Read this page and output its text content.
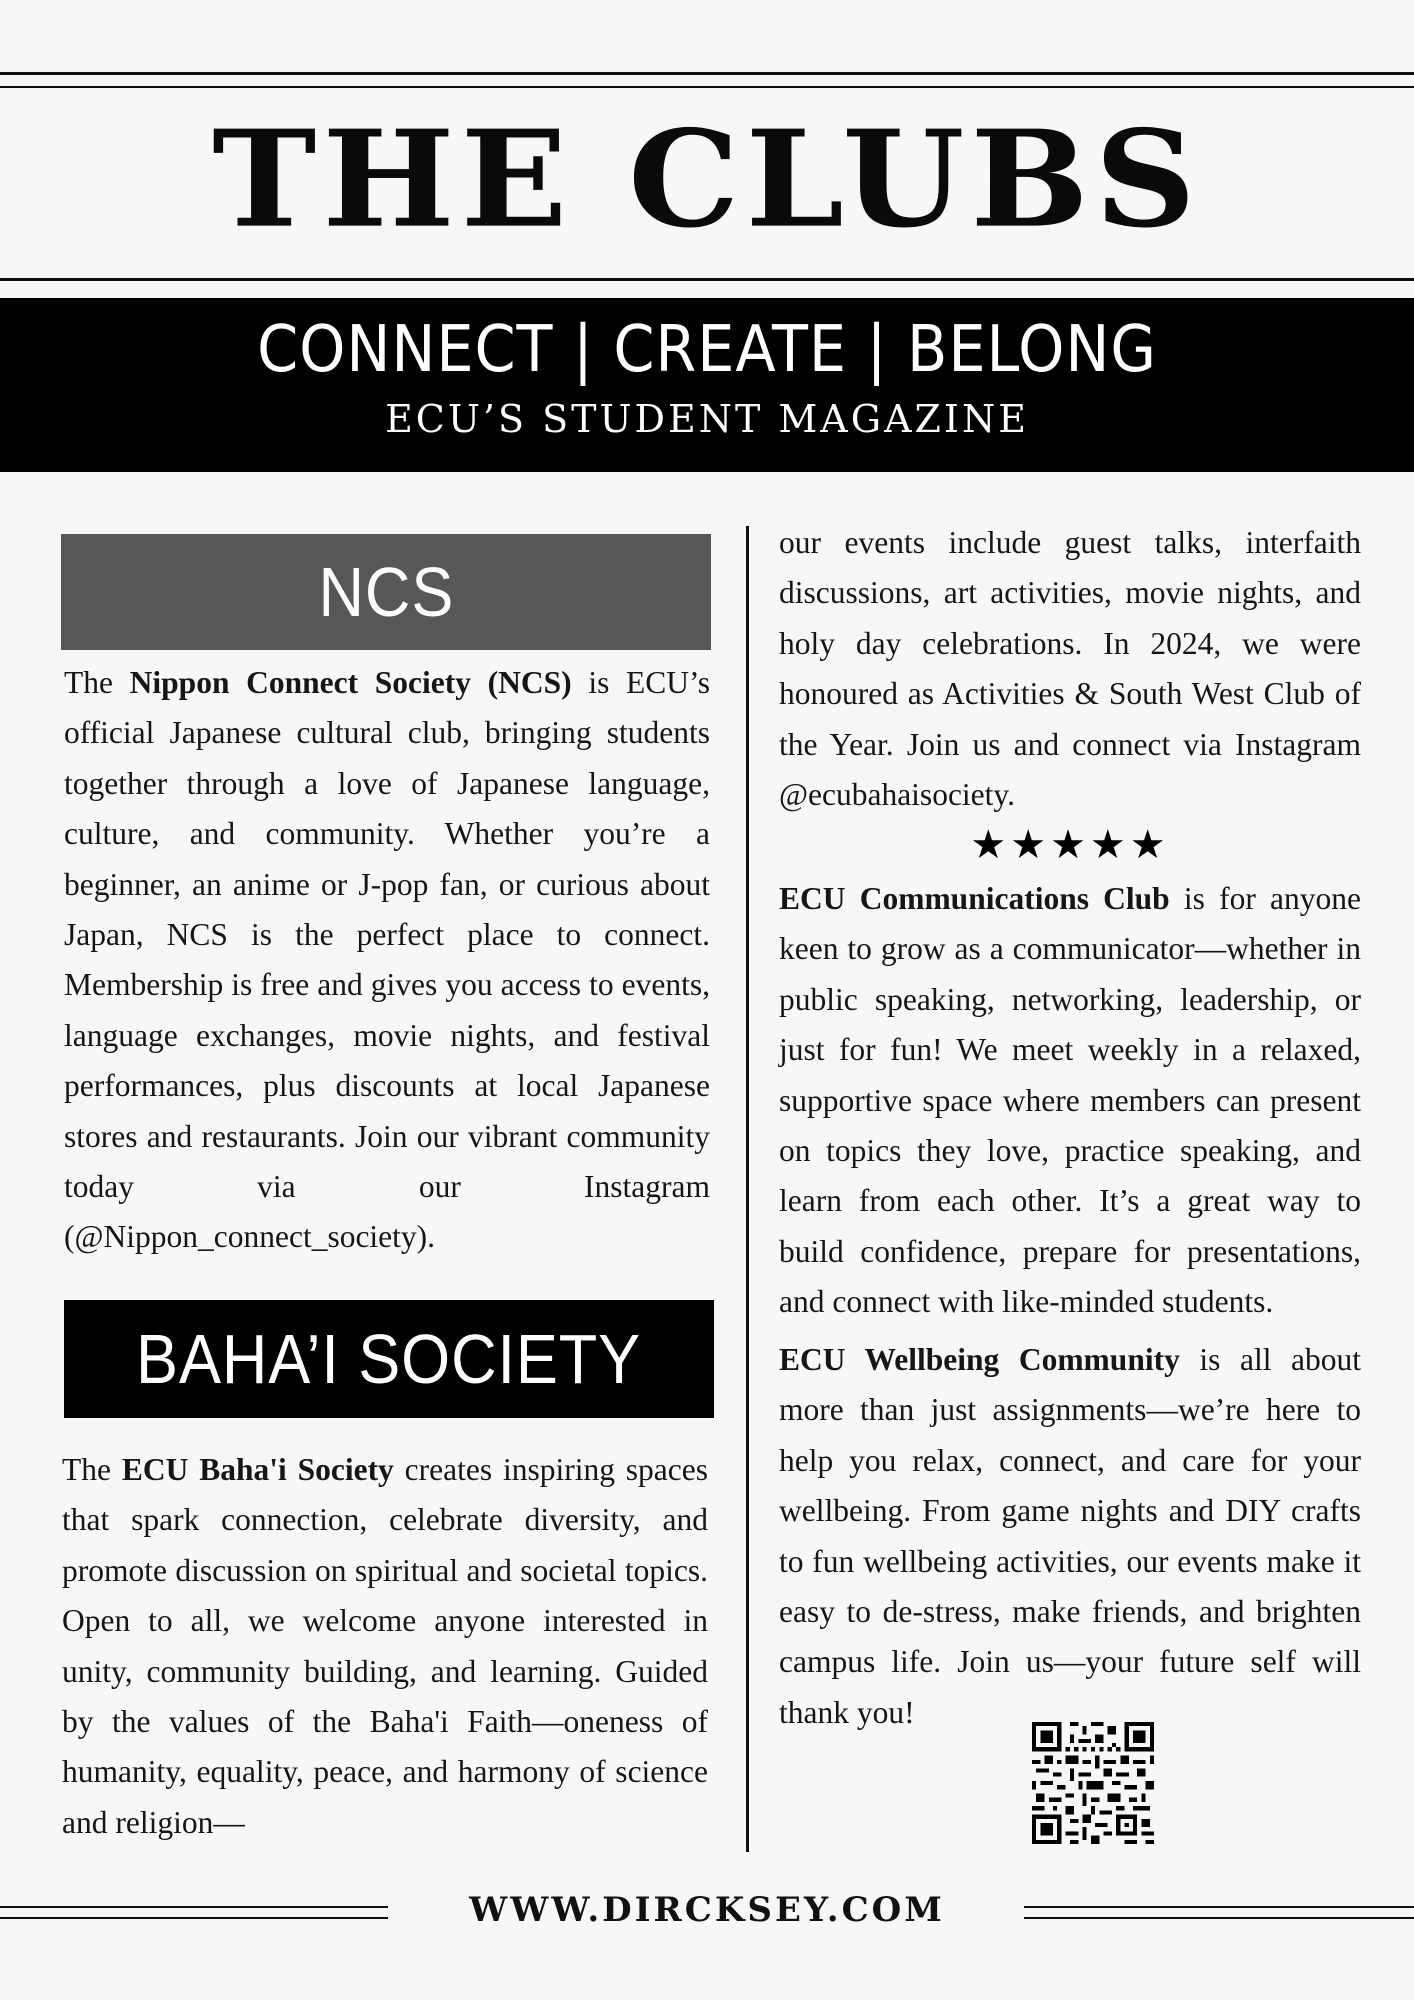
THE CLUBS
CONNECT | CREATE | BELONG
ECU’S STUDENT MAGAZINE
NCS
The Nippon Connect Society (NCS) is ECU’s official Japanese cultural club, bringing students together through a love of Japanese language, culture, and community. Whether you’re a beginner, an anime or J-pop fan, or curious about Japan, NCS is the perfect place to connect. Membership is free and gives you access to events, language exchanges, movie nights, and festival performances, plus discounts at local Japanese stores and restaurants. Join our vibrant community today via our Instagram (@Nippon_connect_society).
BAHA’I SOCIETY
The ECU Baha'i Society creates inspiring spaces that spark connection, celebrate diversity, and promote discussion on spiritual and societal topics. Open to all, we welcome anyone interested in unity, community building, and learning. Guided by the values of the Baha'i Faith—oneness of humanity, equality, peace, and harmony of science and religion—
our events include guest talks, interfaith discussions, art activities, movie nights, and holy day celebrations. In 2024, we were honoured as Activities & South West Club of the Year. Join us and connect via Instagram @ecubahaisociety.
★★★★★
ECU Communications Club is for anyone keen to grow as a communicator—whether in public speaking, networking, leadership, or just for fun! We meet weekly in a relaxed, supportive space where members can present on topics they love, practice speaking, and learn from each other. It’s a great way to build confidence, prepare for presentations, and connect with like-minded students.
ECU Wellbeing Community is all about more than just assignments—we’re here to help you relax, connect, and care for your wellbeing. From game nights and DIY crafts to fun wellbeing activities, our events make it easy to de-stress, make friends, and brighten campus life. Join us—your future self will thank you!
WWW.DIRCKSEY.COM
